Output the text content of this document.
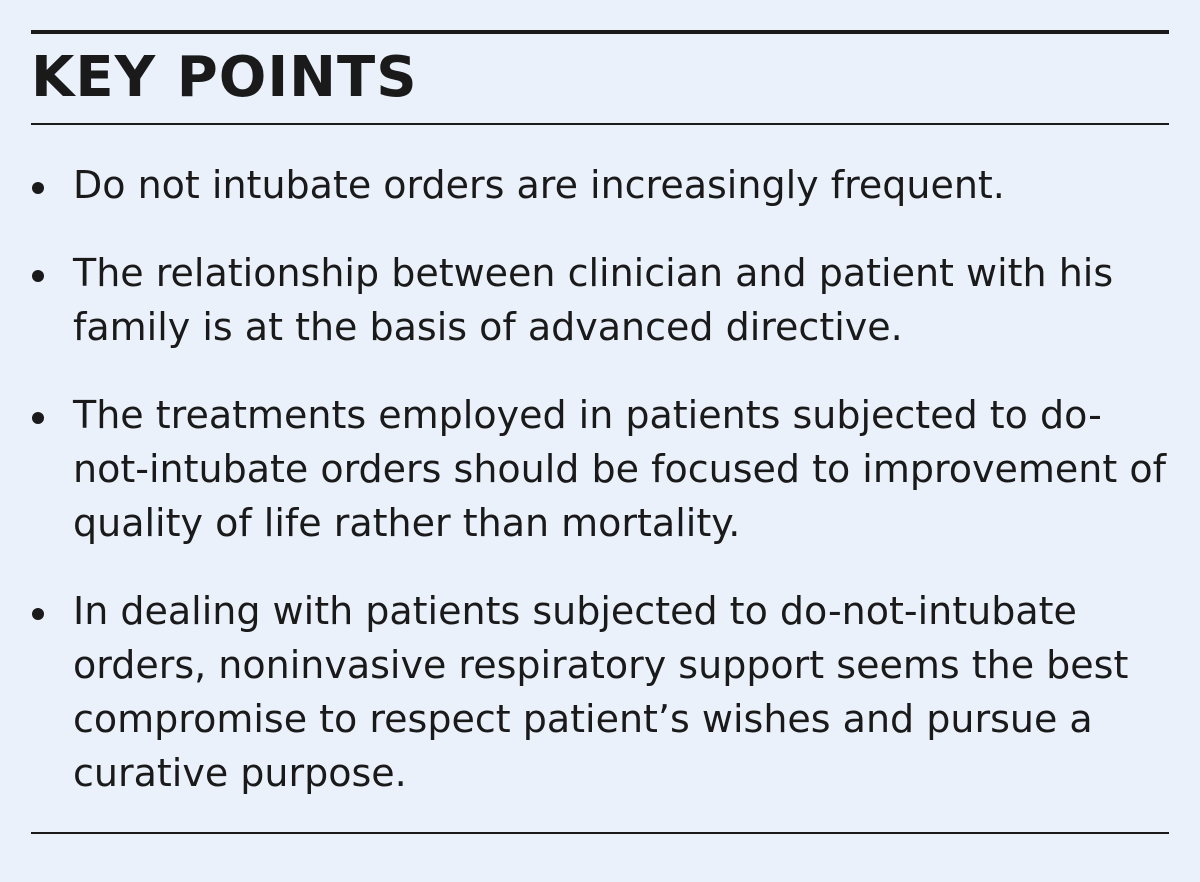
KEY POINTS
Do not intubate orders are increasingly frequent.
The relationship between clinician and patient with his family is at the basis of advanced directive.
The treatments employed in patients subjected to do-not-intubate orders should be focused to improvement of quality of life rather than mortality.
In dealing with patients subjected to do-not-intubate orders, noninvasive respiratory support seems the best compromise to respect patient’s wishes and pursue a curative purpose.
